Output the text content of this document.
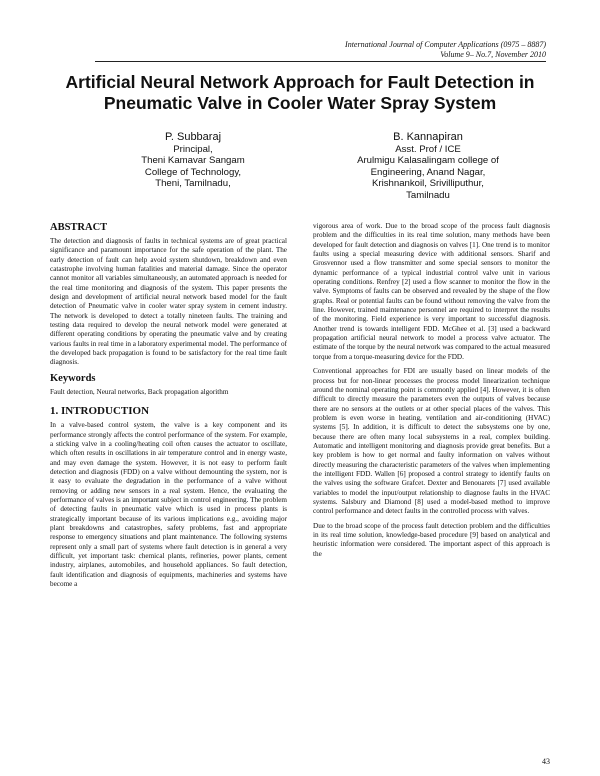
International Journal of Computer Applications (0975 – 8887)
Volume 9– No.7, November 2010
Artificial Neural Network Approach for Fault Detection in Pneumatic Valve in Cooler Water Spray System
P. Subbaraj
Principal,
Theni Kamavar Sangam
College of Technology,
Theni, Tamilnadu,
B. Kannapiran
Asst. Prof / ICE
Arulmigu Kalasalingam college of
Engineering, Anand Nagar,
Krishnankoil, Srivilliputhur,
Tamilnadu
ABSTRACT

The detection and diagnosis of faults in technical systems are of great practical significance and paramount importance for the safe operation of the plant. The early detection of fault can help avoid system shutdown, breakdown and even catastrophe involving human fatalities and material damage. Since the operator cannot monitor all variables simultaneously, an automated approach is needed for the real time monitoring and diagnosis of the system. This paper presents the design and development of artificial neural network based model for the fault detection of Pneumatic valve in cooler water spray system in cement industry. The network is developed to detect a totally nineteen faults. The training and testing data required to develop the neural network model were generated at different operating conditions by operating the pneumatic valve and by creating various faults in real time in a laboratory experimental model. The performance of the developed back propagation is found to be satisfactory for the real time fault diagnosis.

Keywords

Fault detection, Neural networks, Back propagation algorithm

1. INTRODUCTION

In a valve-based control system, the valve is a key component and its performance strongly affects the control performance of the system. For example, a sticking valve in a cooling/heating coil often causes the actuator to oscillate, which often results in oscillations in air temperature control and in energy waste, and may even damage the system. However, it is not easy to perform fault detection and diagnosis (FDD) on a valve without demounting the system, nor is it easy to evaluate the degradation in the performance of a valve without removing or adding new sensors in a real system. Hence, the evaluating the performance of valves is an important subject in control engineering. The problem of detecting faults in pneumatic valve which is used in process plants is strategically important because of its various implications e.g., avoiding major plant breakdowns and catastrophes, safety problems, fast and appropriate response to emergency situations and plant maintenance. The following systems represent only a small part of systems where fault detection is in general a very difficult, yet important task: chemical plants, refineries, power plants, cement industry, airplanes, automobiles, and household appliances. So fault detection, fault identification and diagnosis of equipments, machineries and systems have become a

vigorous area of work. Due to the broad scope of the process fault diagnosis problem and the difficulties in its real time solution, many methods have been developed for fault detection and diagnosis on valves [1]. One trend is to monitor faults using a special measuring device with additional sensors. Sharif and Grosvennor used a flow transmitter and some special sensors to monitor the dynamic performance of a typical industrial control valve unit in various operating conditions. Renfrey [2] used a flow scanner to monitor the flow in the valve. Symptoms of faults can be observed and revealed by the shape of the flow graphs. Real or potential faults can be found without removing the valve from the line. However, trained maintenance personnel are required to interpret the results of the monitoring. Field experience is very important to successful diagnosis. Another trend is towards intelligent FDD. McGhee et al. [3] used a backward propagation artificial neural network to model a process valve actuator. The estimate of the torque by the neural network was compared to the actual measured torque from a torque-measuring device for the FDD.

Conventional approaches for FDI are usually based on linear models of the process but for non-linear processes the process model linearization technique around the nominal operating point is commonly applied [4]. However, it is often difficult to directly measure the parameters even the outputs of valves because there are no sensors at the outlets or at other special places of the valves. This problem is even worse in heating, ventilation and air-conditioning (HVAC) systems [5]. In addition, it is difficult to detect the subsystems one by one, because there are often many local subsystems in a real, complex building. Automatic and intelligent monitoring and diagnosis provide great benefits. But a key problem is how to get normal and faulty information on valves without directly measuring the characteristic parameters of the valves when implementing the intelligent FDD. Wallen [6] proposed a control strategy to identify faults on the valves using the software Grafcet. Dexter and Benouarets [7] used available variables to model the input/output relationship to diagnose faults in the HVAC systems. Salsbury and Diamond [8] used a model-based method to improve control performance and detect faults in the controlled process with valves.

Due to the broad scope of the process fault detection problem and the difficulties in its real time solution, knowledge-based procedure [9] based on analytical and heuristic information were considered. The important aspect of this approach is the

43
